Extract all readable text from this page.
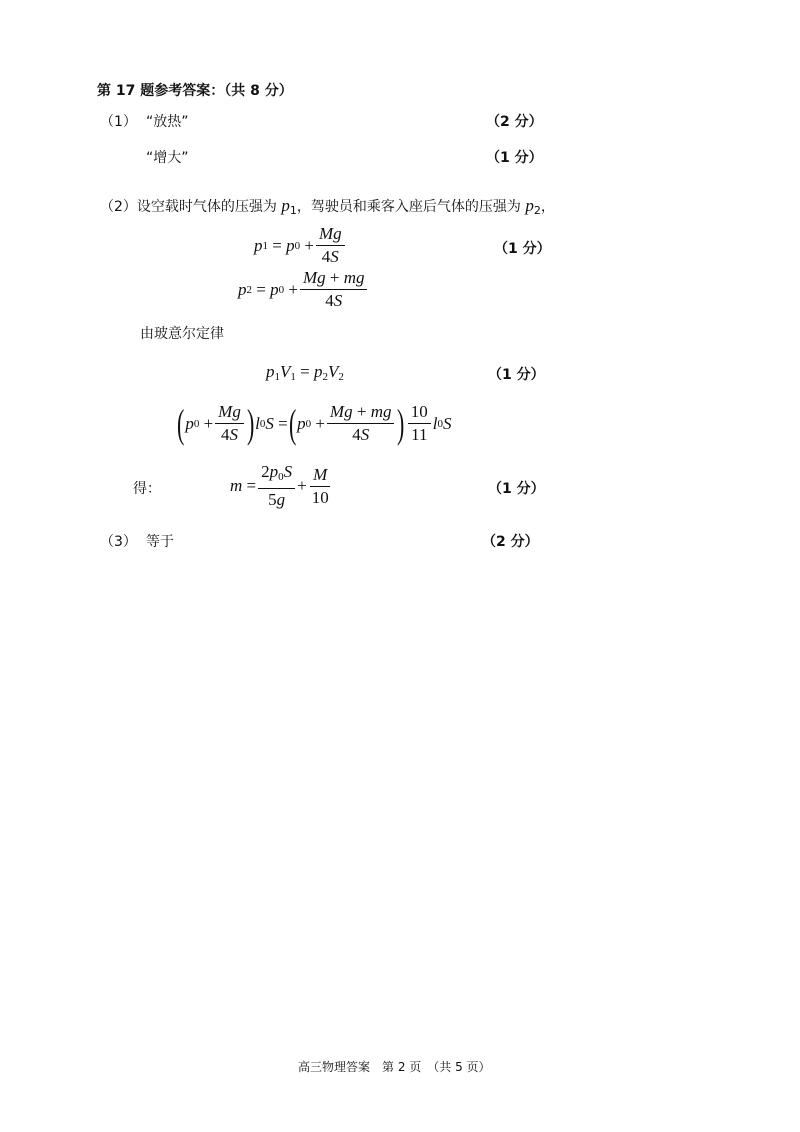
第 17 题参考答案：（共 8 分）
（1） “放热”	（2 分）
“增大”	（1 分）
（2）设空载时气体的压强为 $p_1$，驾驶员和乘客入座后气体的压强为 $p_2$，
p 1 = p $0 + \frac{Mg}{4S}$	（1 分）
p 2 = p $0 + \frac{Mg + mg}{4S}$
由玻意尔定律
$p_1V_1 = p_2V_2$	（1 分）
( p $0 + \frac{Mg}{4S}$ ) l 0 S = ( p $0 + \frac{Mg + mg}{4S}$ ) $\frac{10}{11}$ l 0 S
得：	$m = \frac{2p_0S}{5g} + \frac{M}{10}$	（1 分）
（3） 等于	（2 分）
高三物理答案　第 2 页　（共 5 页）
